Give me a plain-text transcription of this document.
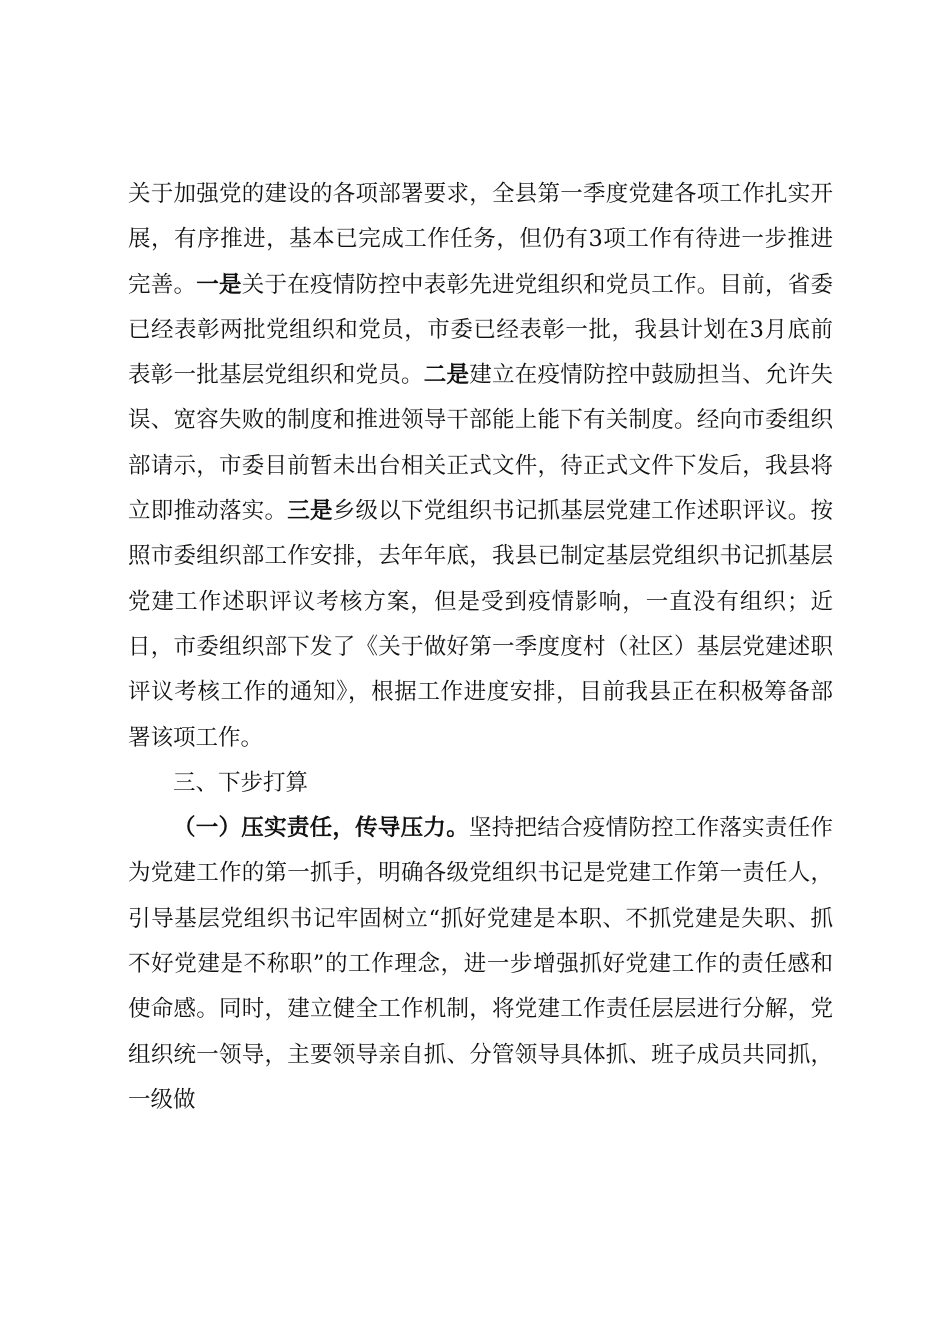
关于加强党的建设的各项部署要求，全县第一季度党建各项工作扎实开展，有序推进，基本已完成工作任务，但仍有3项工作有待进一步推进完善。一是关于在疫情防控中表彰先进党组织和党员工作。目前，省委已经表彰两批党组织和党员，市委已经表彰一批，我县计划在3月底前表彰一批基层党组织和党员。二是建立在疫情防控中鼓励担当、允许失误、宽容失败的制度和推进领导干部能上能下有关制度。经向市委组织部请示，市委目前暂未出台相关正式文件，待正式文件下发后，我县将立即推动落实。三是乡级以下党组织书记抓基层党建工作述职评议。按照市委组织部工作安排，去年年底，我县已制定基层党组织书记抓基层党建工作述职评议考核方案，但是受到疫情影响，一直没有组织；近日，市委组织部下发了《关于做好第一季度度村（社区）基层党建述职评议考核工作的通知》，根据工作进度安排，目前我县正在积极筹备部署该项工作。

三、下步打算

（一）压实责任，传导压力。坚持把结合疫情防控工作落实责任作为党建工作的第一抓手，明确各级党组织书记是党建工作第一责任人，引导基层党组织书记牢固树立“抓好党建是本职、不抓党建是失职、抓不好党建是不称职”的工作理念，进一步增强抓好党建工作的责任感和使命感。同时，建立健全工作机制，将党建工作责任层层进行分解，党组织统一领导，主要领导亲自抓、分管领导具体抓、班子成员共同抓，一级做
